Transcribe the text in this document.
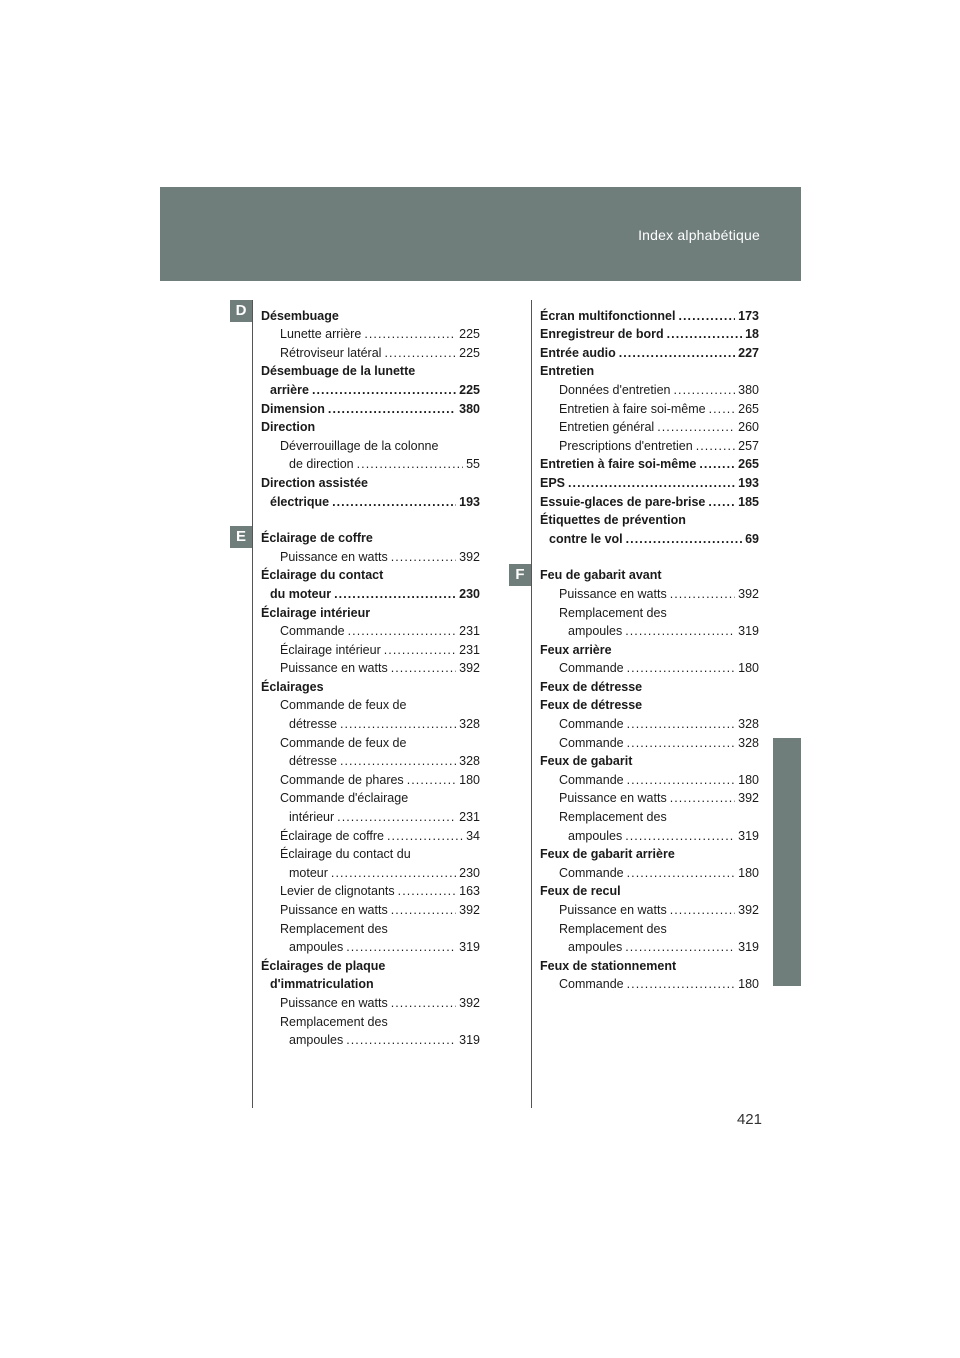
Index alphabétique
D
E
F
Désembuage
Lunette arrière . . .	225
Rétroviseur latéral . . .	225
Désembuage de la lunette
arrière . . .	225
Dimension . . .	380
Direction
Déverrouillage de la colonne
de direction . . .	55
Direction assistée
électrique . . .	193
Éclairage de coffre
Puissance en watts . . .	392
Éclairage du contact
du moteur . . .	230
Éclairage intérieur
Commande . . .	231
Éclairage intérieur . . .	231
Puissance en watts . . .	392
Éclairages
Commande de feux de
détresse . . .	328
Commande de feux de
détresse . . .	328
Commande de phares . . .	180
Commande d'éclairage
intérieur . . .	231
Éclairage de coffre . . .	34
Éclairage du contact du
moteur . . .	230
Levier de clignotants . . .	163
Puissance en watts . . .	392
Remplacement des
ampoules . . .	319
Éclairages de plaque
d'immatriculation
Puissance en watts . . .	392
Remplacement des
ampoules . . .	319
Écran multifonctionnel . . .	173
Enregistreur de bord . . .	18
Entrée audio . . .	227
Entretien
Données d'entretien . . .	380
Entretien à faire soi-même . . .	265
Entretien général . . .	260
Prescriptions d'entretien . . .	257
Entretien à faire soi-même . . .	265
EPS . . .	193
Essuie-glaces de pare-brise . . .	185
Étiquettes de prévention
contre le vol . . .	69
Feu de gabarit avant
Puissance en watts . . .	392
Remplacement des
ampoules . . .	319
Feux arrière
Commande . . .	180
Feux de détresse
Feux de détresse
Commande . . .	328
Commande . . .	328
Feux de gabarit
Commande . . .	180
Puissance en watts . . .	392
Remplacement des
ampoules . . .	319
Feux de gabarit arrière
Commande . . .	180
Feux de recul
Puissance en watts . . .	392
Remplacement des
ampoules . . .	319
Feux de stationnement
Commande . . .	180
421
